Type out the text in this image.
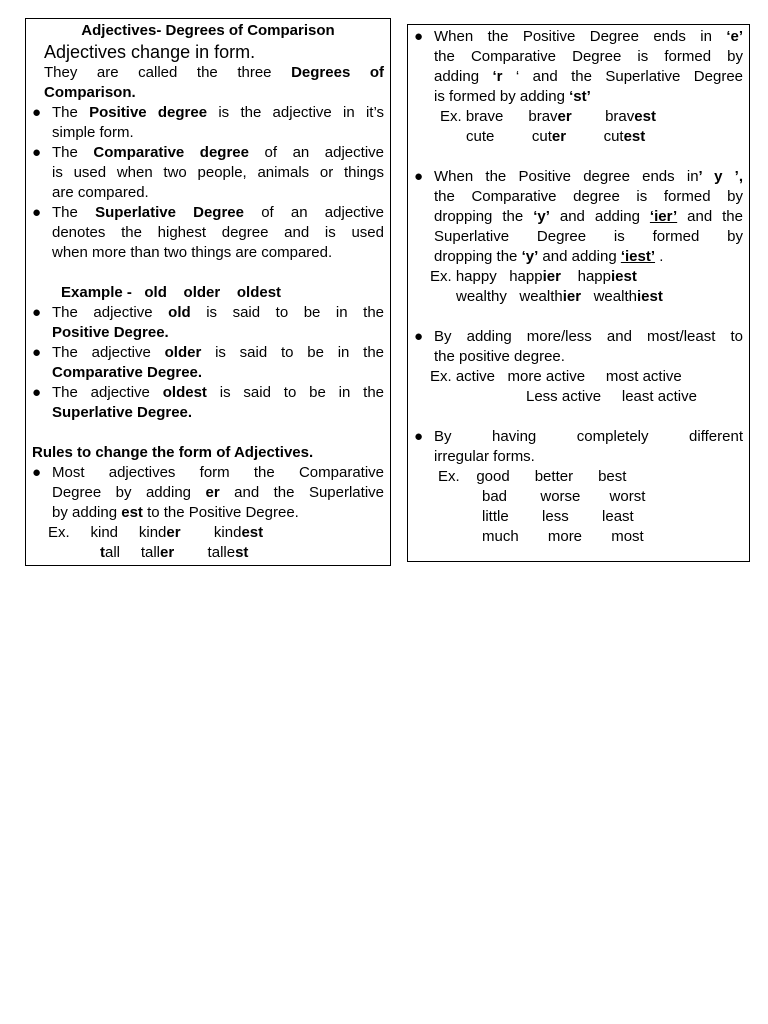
Adjectives- Degrees of Comparison
Adjectives change in form.
They are called the three Degrees of
Comparison.
● The Positive degree is the adjective in it’s
simple form.
● The Comparative degree of an adjective
is used when two people, animals or things
are compared.
● The Superlative Degree of an adjective
denotes the highest degree and is used
when more than two things are compared.
Example -   old    older    oldest
● The adjective old is said to be in the
Positive Degree.
● The adjective older is said to be in the
Comparative Degree.
● The adjective oldest is said to be in the
Superlative Degree.
Rules to change the form of Adjectives.
● Most adjectives form the Comparative
Degree by adding er and the Superlative
by adding est to the Positive Degree.
Ex.     kind     kinder        kindest
tall     taller        tallest
● When the Positive Degree ends in ‘e’
the Comparative Degree is formed by
adding ‘r ‘ and the Superlative Degree
is formed by adding ‘st’
Ex. brave      braver        bravest
cute         cuter         cutest
● When the Positive degree ends in’ y ’,
the Comparative degree is formed by
dropping the ‘y’ and adding ‘ier’ and the
Superlative Degree is formed by
dropping the ‘y’ and adding ‘iest’ .
Ex. happy   happier    happiest
wealthy   wealthier   wealthiest
● By adding more/less and most/least to
the positive degree.
Ex. active   more active     most active
Less active     least active
● By having completely different
irregular forms.
Ex.    good      better      best
bad        worse       worst
little        less        least
much       more       most
